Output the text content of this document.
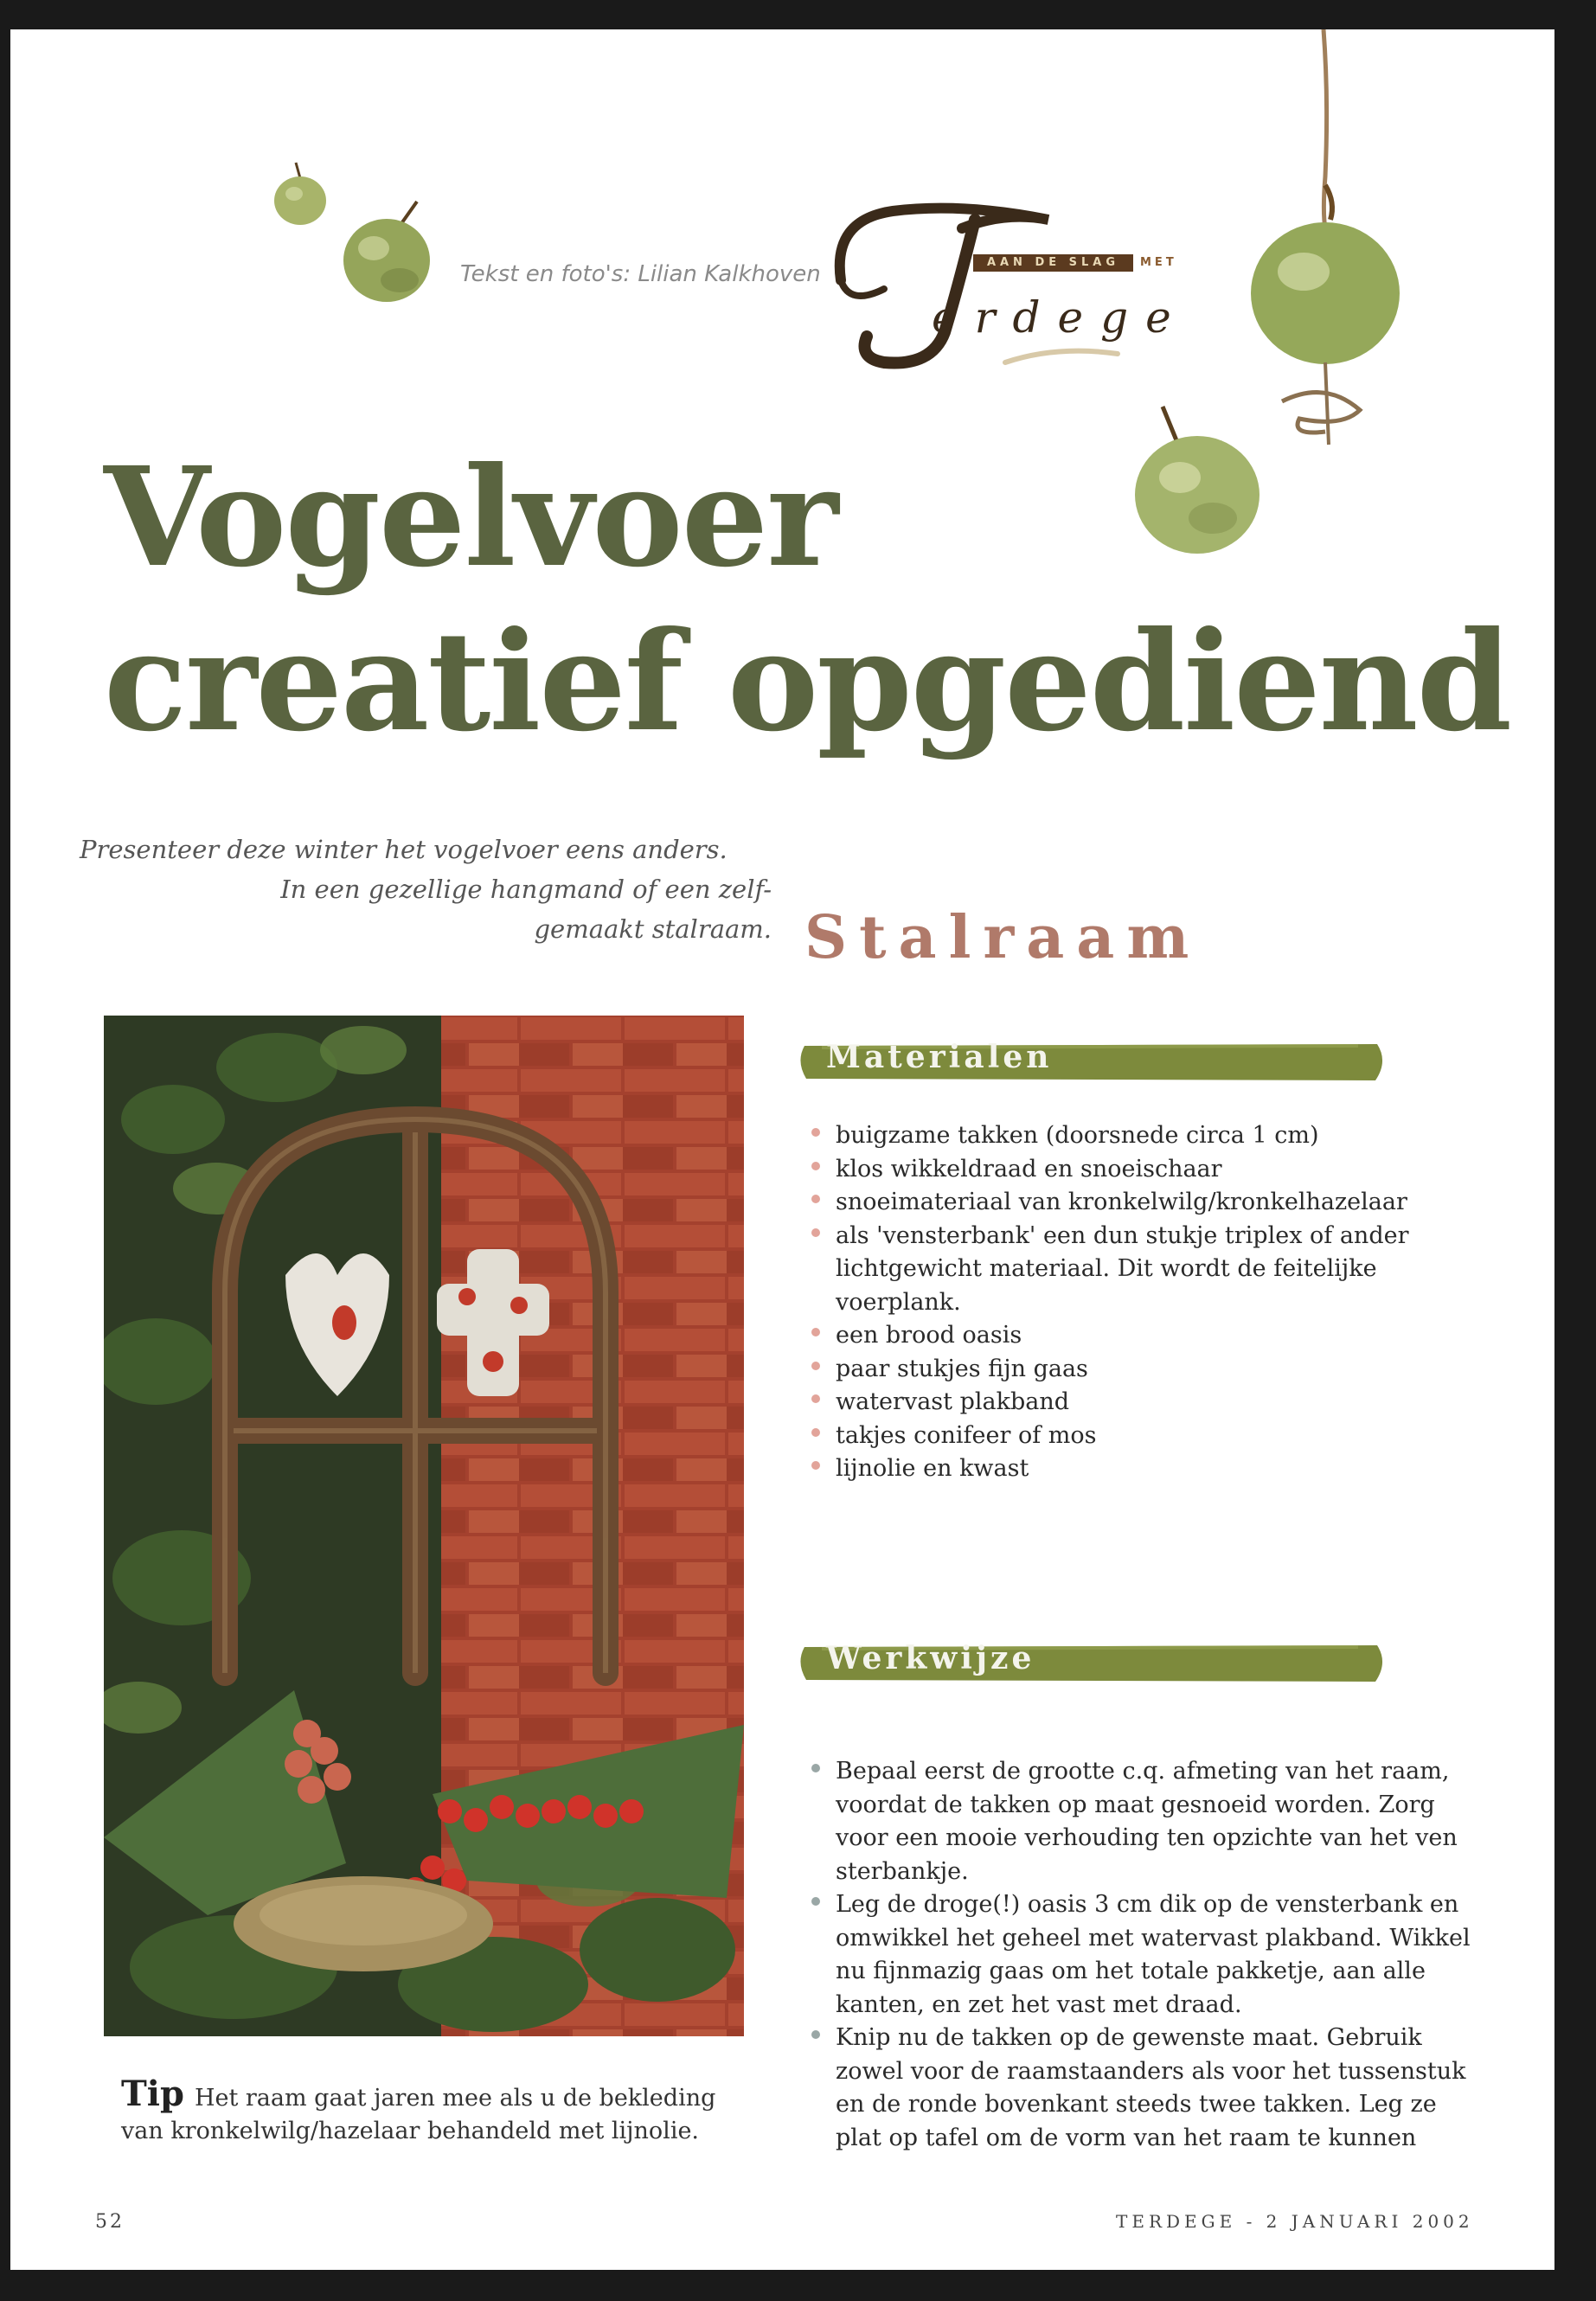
Tekst en foto's: Lilian Kalkhoven	AAN DE SLAG	MET
erdege
Vogelvoer
creatief opgediend
Presenteer deze winter het vogelvoer eens anders.
In een gezellige hangmand of een zelf-
gemaakt stalraam. Stalraam
Materialen
buigzame takken (doorsnede circa 1 cm)
klos wikkeldraad en snoeischaar
snoeimateriaal van kronkelwilg/kronkelhazelaar
als 'vensterbank' een dun stukje triplex of ander lichtgewicht materiaal. Dit wordt de feitelijke voerplank.
een brood oasis
paar stukjes fijn gaas
watervast plakband
takjes conifeer of mos
lijnolie en kwast
Werkwijze
Bepaal eerst de grootte c.q. afmeting van het raam, voordat de takken op maat gesnoeid worden. Zorg voor een mooie verhouding ten opzichte van het ven sterbankje.
Leg de droge(!) oasis 3 cm dik op de vensterbank en omwikkel het geheel met watervast plakband. Wikkel nu fijnmazig gaas om het totale pakketje, aan alle kanten, en zet het vast met draad.
Knip nu de takken op de gewenste maat. Gebruik zowel voor de raamstaanders als voor het tussenstuk en de ronde bovenkant steeds twee takken. Leg ze plat op tafel om de vorm van het raam te kunnen
Tip Het raam gaat jaren mee als u de bekleding van kronkelwilg/hazelaar behandeld met lijnolie.
52	TERDEGE - 2 JANUARI 2002
